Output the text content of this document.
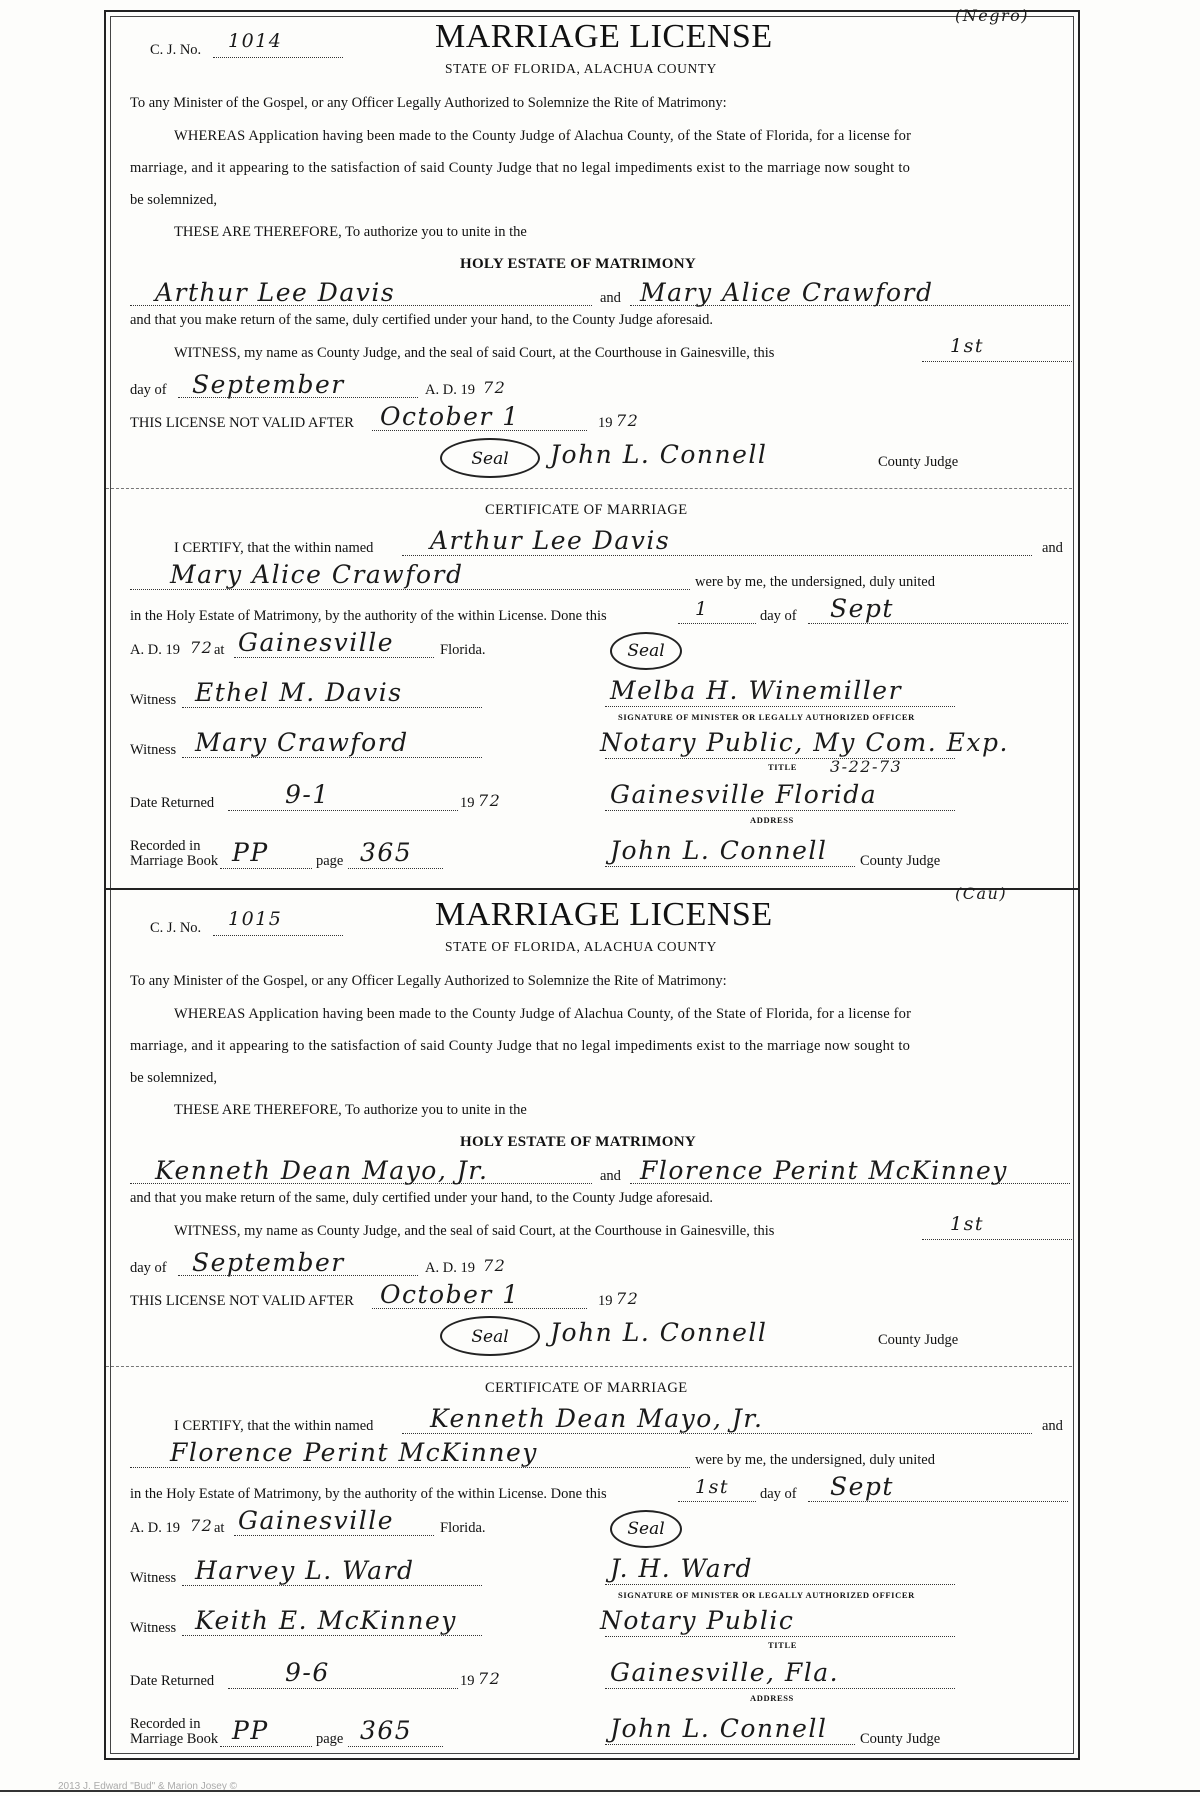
C. J. No. 1014	MARRIAGE LICENSE
STATE OF FLORIDA, ALACHUA COUNTY
(Negro)
To any Minister of the Gospel, or any Officer Legally Authorized to Solemnize the Rite of Matrimony:
WHEREAS Application having been made to the County Judge of Alachua County, of the State of Florida, for a license for
marriage, and it appearing to the satisfaction of said County Judge that no legal impediments exist to the marriage now sought to
be solemnized,
THESE ARE THEREFORE, To authorize you to unite in the
HOLY ESTATE OF MATRIMONY
Arthur Lee Davis	and Mary Alice Crawford
and that you make return of the same, duly certified under your hand, to the County Judge aforesaid.
WITNESS, my name as County Judge, and the seal of said Court, at the Courthouse in Gainesville, this	1st
day of September	A. D. 19 72
THIS LICENSE NOT VALID AFTER October 1	19 72
Seal	John L. Connell	County Judge
CERTIFICATE OF MARRIAGE
I CERTIFY, that the within named Arthur Lee Davis	and
Mary Alice Crawford	were by me, the undersigned, duly united
in the Holy Estate of Matrimony, by the authority of the within License. Done this	1	day of Sept
A. D. 19 72 at Gainesville	Florida.	Seal
Witness Ethel M. Davis	Melba H. Winemiller
SIGNATURE OF MINISTER OR LEGALLY AUTHORIZED OFFICER
Witness Mary Crawford	Notary Public, My Com. Exp.
TITLE 3-22-73
Date Returned	9-1	19 72	Gainesville Florida
ADDRESS
Recorded in
Marriage Book PP	page 365	John L. Connell County Judge
C. J. No. 1015	MARRIAGE LICENSE
STATE OF FLORIDA, ALACHUA COUNTY
(Cau)
To any Minister of the Gospel, or any Officer Legally Authorized to Solemnize the Rite of Matrimony:
WHEREAS Application having been made to the County Judge of Alachua County, of the State of Florida, for a license for
marriage, and it appearing to the satisfaction of said County Judge that no legal impediments exist to the marriage now sought to
be solemnized,
THESE ARE THEREFORE, To authorize you to unite in the
HOLY ESTATE OF MATRIMONY
Kenneth Dean Mayo, Jr.	and Florence Perint McKinney
and that you make return of the same, duly certified under your hand, to the County Judge aforesaid.
WITNESS, my name as County Judge, and the seal of said Court, at the Courthouse in Gainesville, this	1st
day of September	A. D. 19 72
THIS LICENSE NOT VALID AFTER October 1	19 72
Seal	John L. Connell	County Judge
CERTIFICATE OF MARRIAGE
I CERTIFY, that the within named Kenneth Dean Mayo, Jr.	and
Florence Perint McKinney	were by me, the undersigned, duly united
in the Holy Estate of Matrimony, by the authority of the within License. Done this	1st day of Sept
A. D. 19 72 at Gainesville	Florida.	Seal
Witness Harvey L. Ward	J. H. Ward
SIGNATURE OF MINISTER OR LEGALLY AUTHORIZED OFFICER
Witness Keith E. McKinney	Notary Public
TITLE
Date Returned	9-6	19 72	Gainesville, Fla.
ADDRESS
Recorded in
Marriage Book PP	page 365	John L. Connell County Judge
2013 J. Edward "Bud" & Marion Josey ©
